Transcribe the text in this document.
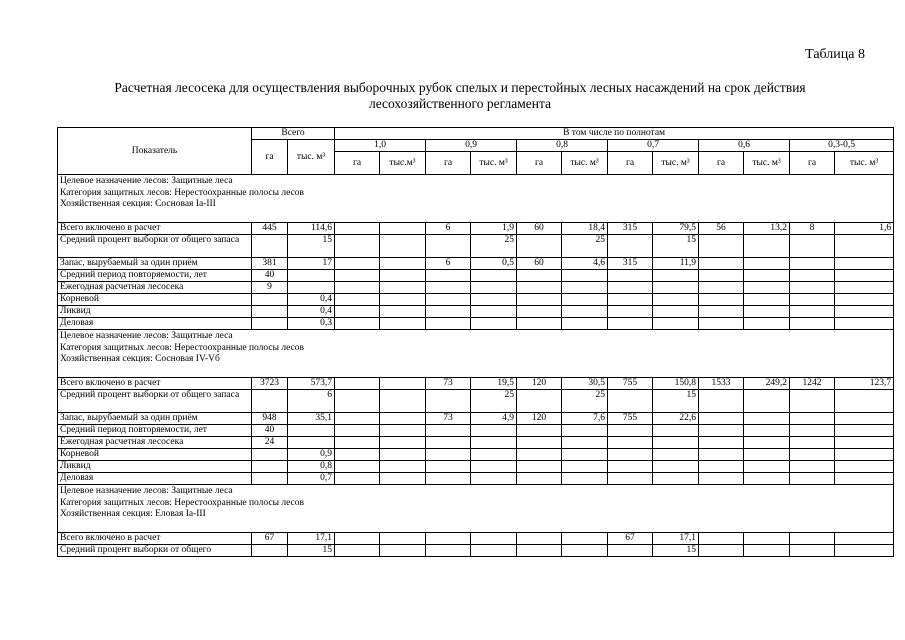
Таблица 8
Расчетная лесосека для осуществления выборочных рубок спелых и перестойных лесных насаждений на срок действия
лесохозяйственного регламента
Показатель	Всего		В том числе по полнотам											
	га	тыс. м³	1,0		0,9		0,8		0,7		0,6		0,3-0,5	
			га	тыс.м³	га	тыс. м³	га	тыс. м³	га	тыс. м³	га	тыс. м³	га	тыс. м³

Целевое назначение лесов: Защитные леса
Категория защитных лесов: Нерестоохранные полосы лесов
Хозяйственная секция: Сосновая Ia-III														

Всего включено в расчет	445	114,6			6	1,9	60	18,4	315	79,5	56	13,2	8	1,6
Средний процент выборки от общего запаса		15				25		25		15				
Запас, вырубаемый за один приём	381	17			6	0,5	60	4,6	315	11,9				
Средний период повторяемости, лет	40													
Ежегодная расчетная лесосека	9													
Корневой		0,4												
Ликвид		0,4												
Деловая		0,3												

Целевое назначение лесов: Защитные леса
Категория защитных лесов: Нерестоохранные полосы лесов
Хозяйственная секция: Сосновая IV-Vб														

Всего включено в расчет	3723	573,7			73	19,5	120	30,5	755	150,8	1533	249,2	1242	123,7
Средний процент выборки от общего запаса		6				25		25		15				
Запас, вырубаемый за один приём	948	35,1			73	4,9	120	7,6	755	22,6				
Средний период повторяемости, лет	40													
Ежегодная расчетная лесосека	24													
Корневой		0,9												
Ликвид		0,8												
Деловая		0,7												

Целевое назначение лесов: Защитные леса
Категория защитных лесов: Нерестоохранные полосы лесов
Хозяйственная секция: Еловая Ia-III														

Всего включено в расчет	67	17,1							67	17,1				
Средний процент выборки от общего		15								15				
